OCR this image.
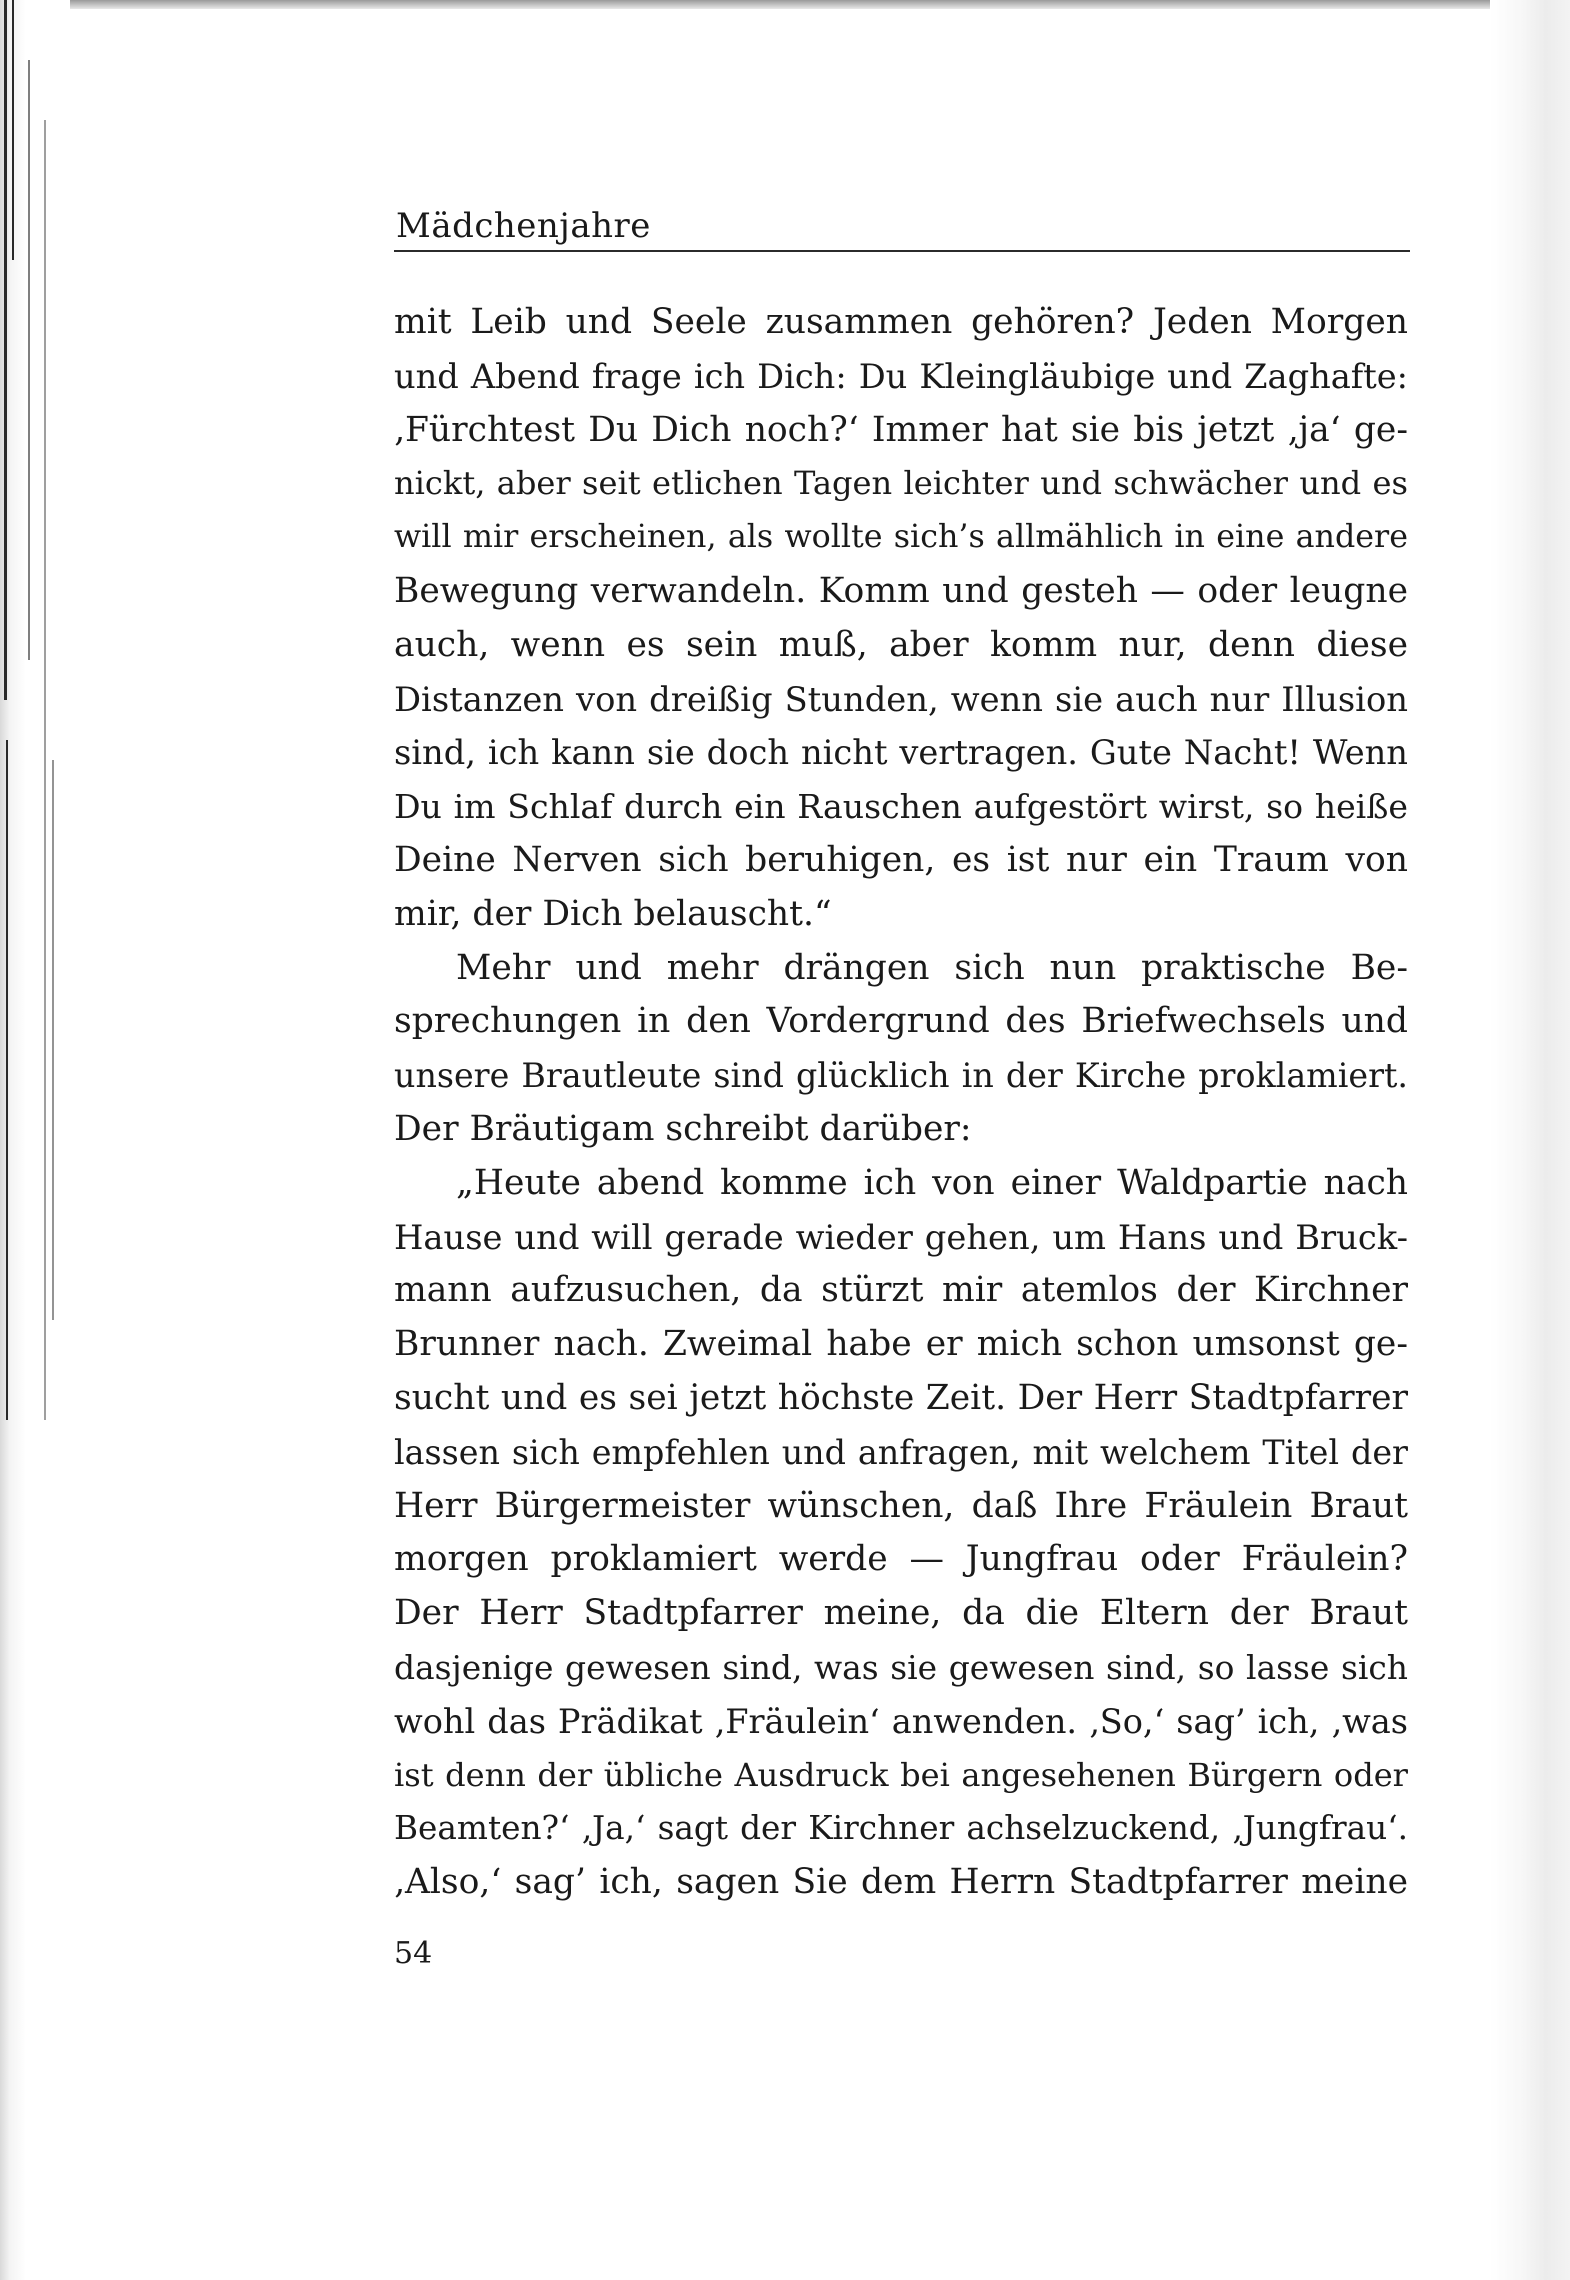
Mädchenjahre
mit Leib und Seele zusammen gehören? Jeden Morgen
und Abend frage ich Dich: Du Kleingläubige und Zaghafte:
‚Fürchtest Du Dich noch?‘ Immer hat sie bis jetzt ‚ja‘ ge-
nickt, aber seit etlichen Tagen leichter und schwächer und es
will mir erscheinen, als wollte sich’s allmählich in eine andere
Bewegung verwandeln. Komm und gesteh — oder leugne
auch, wenn es sein muß, aber komm nur, denn diese
Distanzen von dreißig Stunden, wenn sie auch nur Illusion
sind, ich kann sie doch nicht vertragen. Gute Nacht! Wenn
Du im Schlaf durch ein Rauschen aufgestört wirst, so heiße
Deine Nerven sich beruhigen, es ist nur ein Traum von
mir, der Dich belauscht.“
Mehr und mehr drängen sich nun praktische Be-
sprechungen in den Vordergrund des Briefwechsels und
unsere Brautleute sind glücklich in der Kirche proklamiert.
Der Bräutigam schreibt darüber:
„Heute abend komme ich von einer Waldpartie nach
Hause und will gerade wieder gehen, um Hans und Bruck-
mann aufzusuchen, da stürzt mir atemlos der Kirchner
Brunner nach. Zweimal habe er mich schon umsonst ge-
sucht und es sei jetzt höchste Zeit. Der Herr Stadtpfarrer
lassen sich empfehlen und anfragen, mit welchem Titel der
Herr Bürgermeister wünschen, daß Ihre Fräulein Braut
morgen proklamiert werde — Jungfrau oder Fräulein?
Der Herr Stadtpfarrer meine, da die Eltern der Braut
dasjenige gewesen sind, was sie gewesen sind, so lasse sich
wohl das Prädikat ‚Fräulein‘ anwenden. ‚So,‘ sag’ ich, ‚was
ist denn der übliche Ausdruck bei angesehenen Bürgern oder
Beamten?‘ ‚Ja,‘ sagt der Kirchner achselzuckend, ‚Jungfrau‘.
‚Also,‘ sag’ ich, sagen Sie dem Herrn Stadtpfarrer meine
54
